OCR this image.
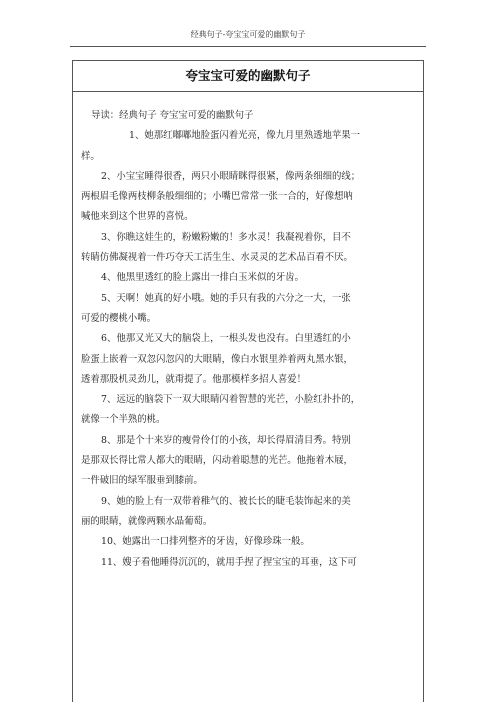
经典句子-夸宝宝可爱的幽默句子
夸宝宝可爱的幽默句子
导读：经典句子 夸宝宝可爱的幽默句子
1、她那红嘟嘟地脸蛋闪着光亮，像九月里熟透地苹果一
样。
2、小宝宝睡得很香，两只小眼睛眯得很紧，像两条细细的线；
两根眉毛像两枝柳条般细细的；小嘴巴常常一张一合的，好像想呐
喊他来到这个世界的喜悦。
3、你瞧这娃生的，粉嫩粉嫩的！多水灵！我凝视着你，目不
转睛仿佛凝视着一件巧夺天工活生生、水灵灵的艺术品百看不厌。
4、他黑里透红的脸上露出一排白玉米似的牙齿。
5、天啊！她真的好小哦。她的手只有我的六分之一大，一张
可爱的樱桃小嘴。
6、他那又光又大的脑袋上，一根头发也没有。白里透红的小
脸蛋上嵌着一双忽闪忽闪的大眼睛，像白水银里养着两丸黑水银，
透着那股机灵劲儿，就甭提了。他那模样多招人喜爱！
7、远远的脑袋下一双大眼睛闪着智慧的光芒，小脸红扑扑的，
就像一个半熟的桃。
8、那是个十来岁的瘦骨伶仃的小孩，却长得眉清目秀。特别
是那双长得比常人都大的眼睛，闪动着聪慧的光芒。他拖着木屐，
一件破旧的绿军服垂到膝前。
9、她的脸上有一双带着稚气的、被长长的睫毛装饰起来的美
丽的眼睛，就像两颗水晶葡萄。
10、她露出一口排列整齐的牙齿，好像珍珠一般。
11、嫂子看他睡得沉沉的，就用手捏了捏宝宝的耳垂，这下可
